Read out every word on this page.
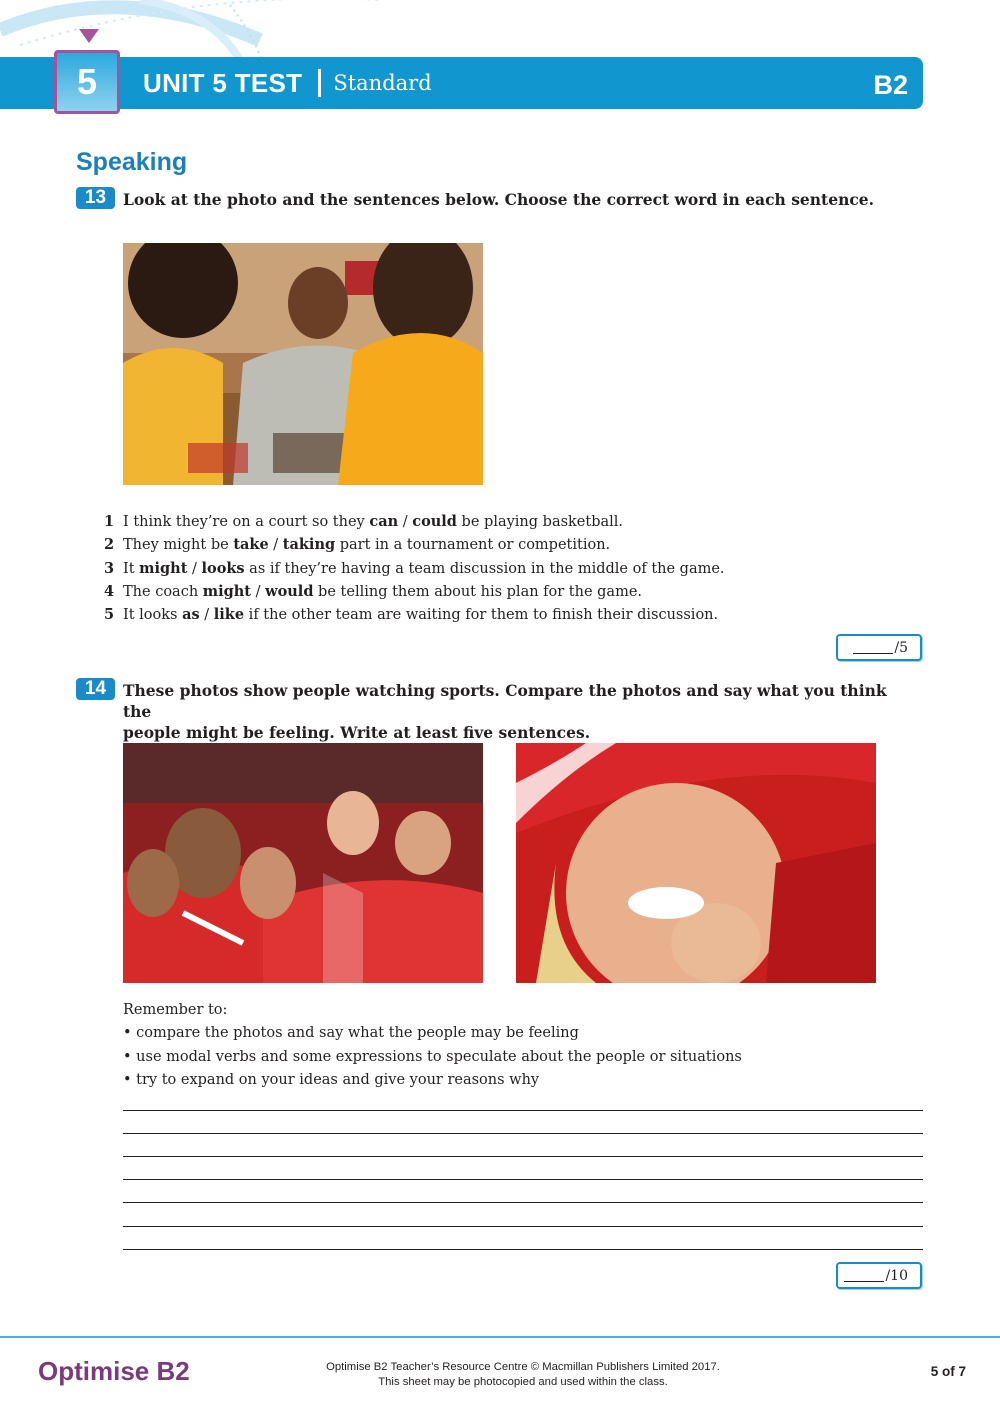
5	UNIT 5 TEST Standard	B2
Speaking
13	Look at the photo and the sentences below. Choose the correct word in each sentence.
1 I think they’re on a court so they can / could be playing basketball.
2 They might be take / taking part in a tournament or competition.
3 It might / looks as if they’re having a team discussion in the middle of the game.
4 The coach might / would be telling them about his plan for the game.
5 It looks as / like if the other team are waiting for them to finish their discussion.
/5
14	These photos show people watching sports. Compare the photos and say what you think the
people might be feeling. Write at least five sentences.
Remember to:
• compare the photos and say what the people may be feeling
• use modal verbs and some expressions to speculate about the people or situations
• try to expand on your ideas and give your reasons why
/10
Optimise B2	Optimise B2 Teacher’s Resource Centre © Macmillan Publishers Limited 2017.
This sheet may be photocopied and used within the class.
5 of 7
